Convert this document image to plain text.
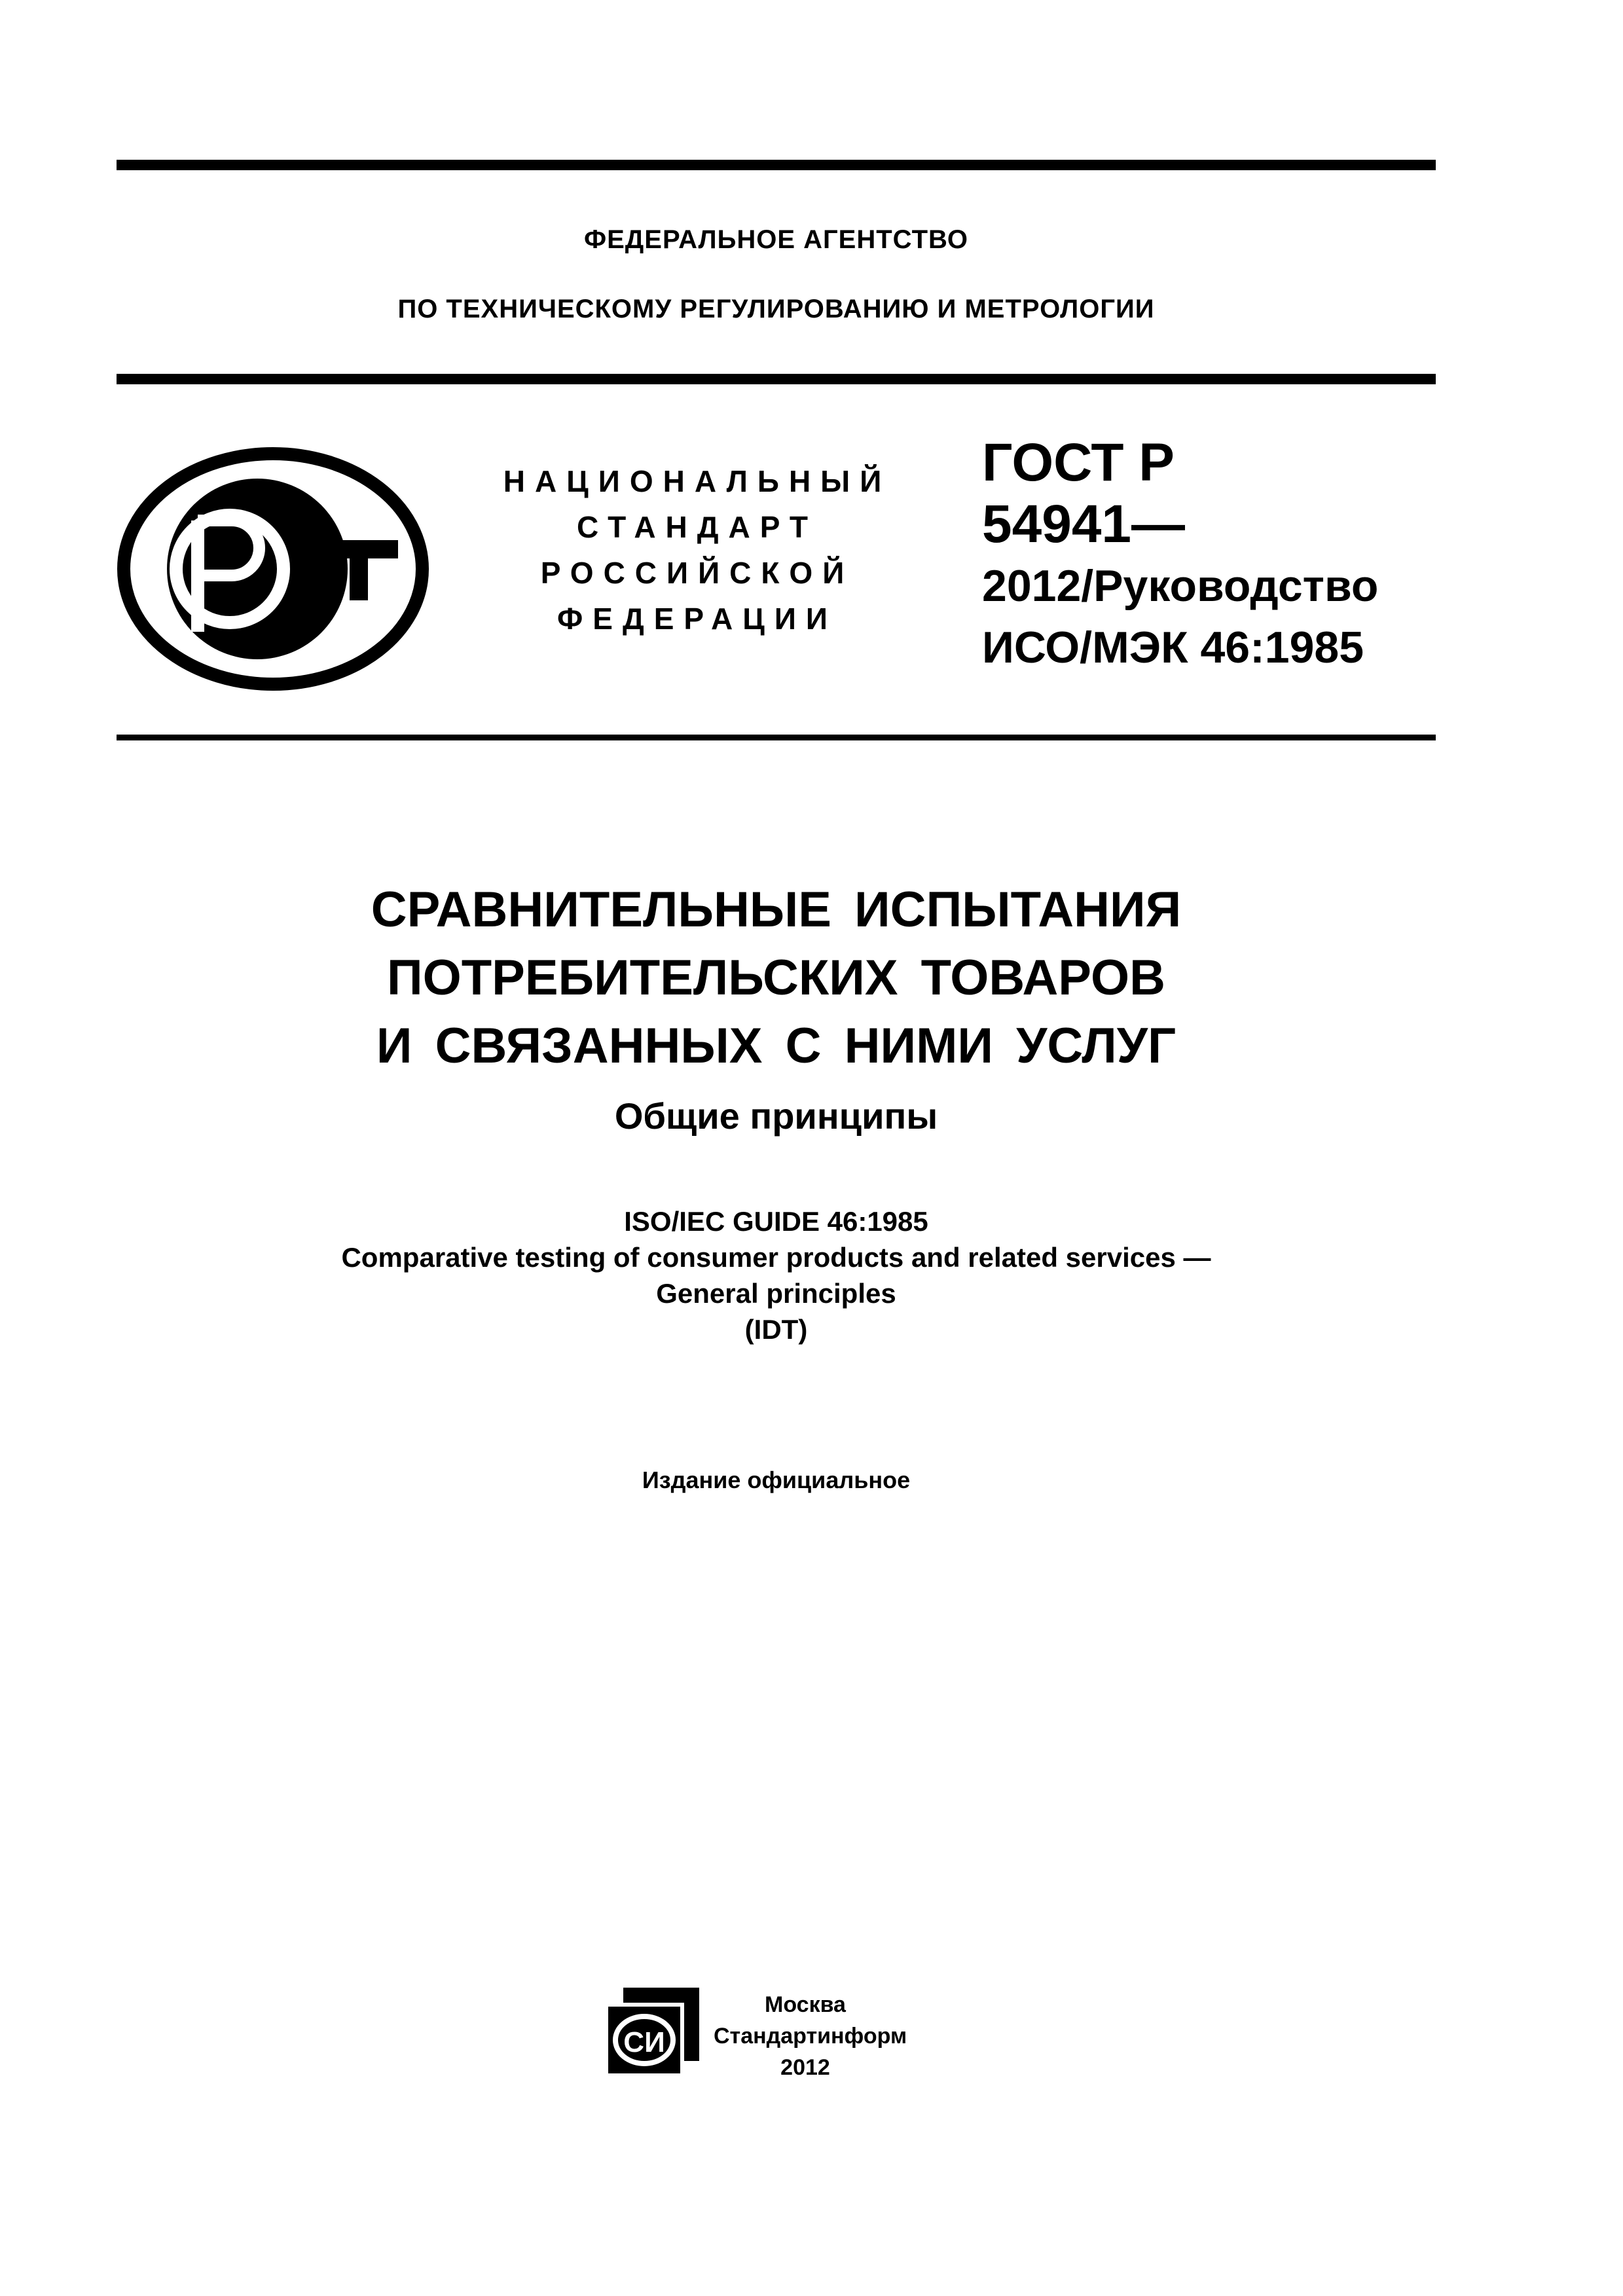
ФЕДЕРАЛЬНОЕ АГЕНТСТВО
ПО ТЕХНИЧЕСКОМУ РЕГУЛИРОВАНИЮ И МЕТРОЛОГИИ
НАЦИОНАЛЬНЫЙ
СТАНДАРТ
РОССИЙСКОЙ
ФЕДЕРАЦИИ
ГОСТ Р
54941—
2012/Руководство
ИСО/МЭК 46:1985
СРАВНИТЕЛЬНЫЕ ИСПЫТАНИЯ
ПОТРЕБИТЕЛЬСКИХ ТОВАРОВ
И СВЯЗАННЫХ С НИМИ УСЛУГ
Общие принципы
ISO/IEC GUIDE 46:1985
Comparative testing of consumer products and related services —
General principles
(IDT)
Издание официальное
СИ
Москва
Стандартинформ
2012
